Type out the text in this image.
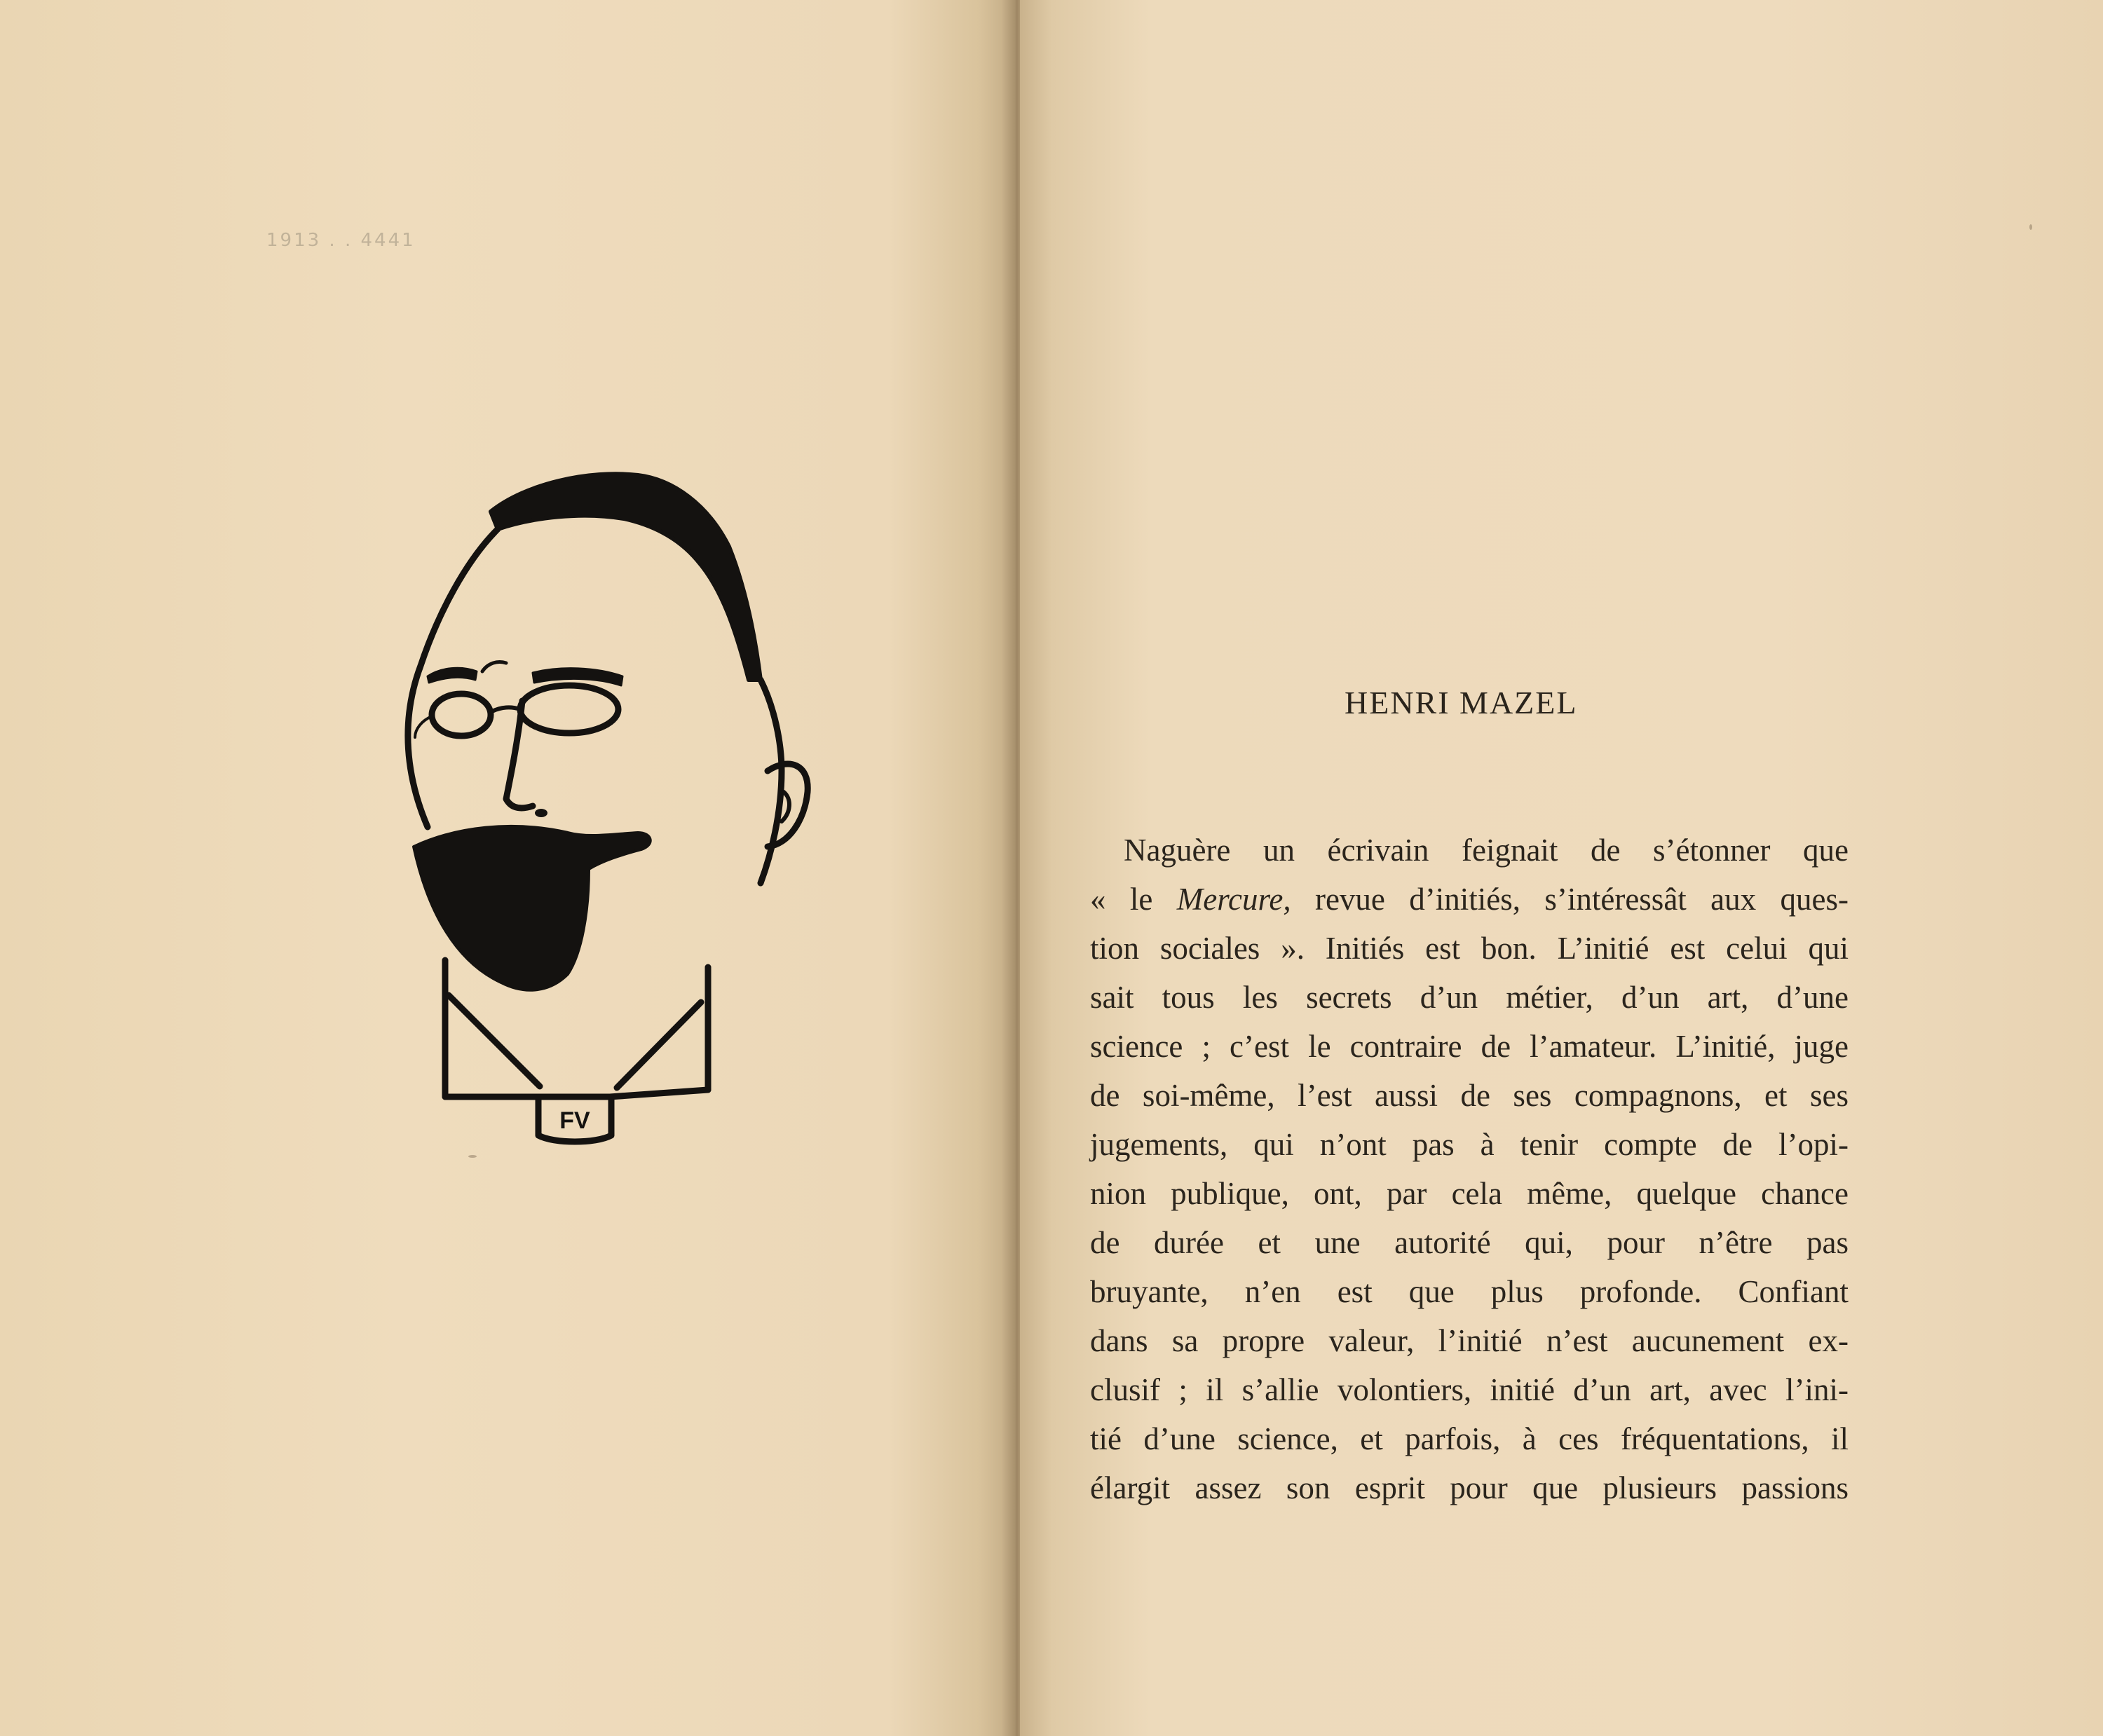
1913 . . 4441
FV
HENRI MAZEL
Naguère un écrivain feignait de s’étonner que
« le Mercure, revue d’initiés, s’intéressât aux ques-
tion sociales ». Initiés est bon. L’initié est celui qui
sait tous les secrets d’un métier, d’un art, d’une
science ; c’est le contraire de l’amateur. L’initié, juge
de soi-même, l’est aussi de ses compagnons, et ses
jugements, qui n’ont pas à tenir compte de l’opi-
nion publique, ont, par cela même, quelque chance
de durée et une autorité qui, pour n’être pas
bruyante, n’en est que plus profonde. Confiant
dans sa propre valeur, l’initié n’est aucunement ex-
clusif ; il s’allie volontiers, initié d’un art, avec l’ini-
tié d’une science, et parfois, à ces fréquentations, il
élargit assez son esprit pour que plusieurs passions
